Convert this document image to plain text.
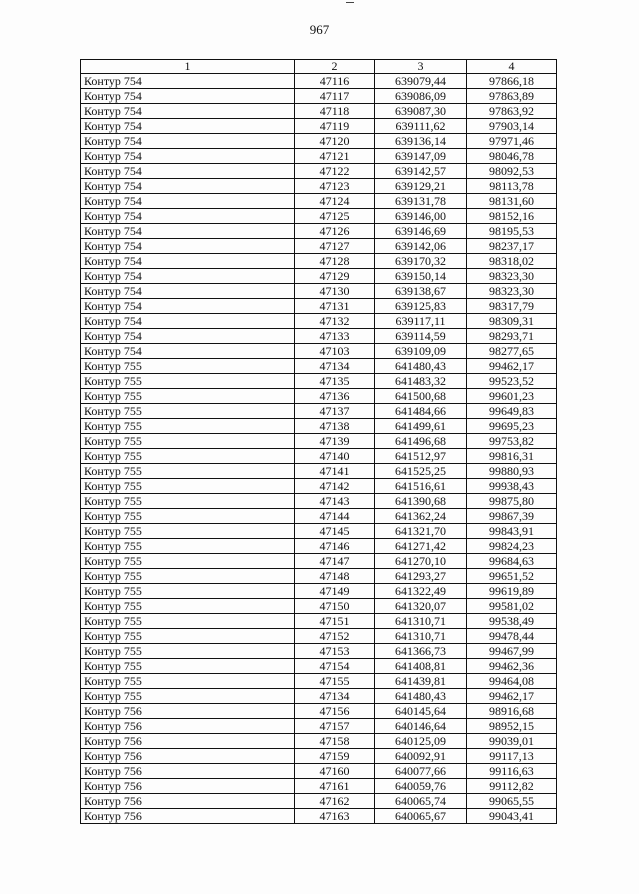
967
1	2	3	4
Контур 754	47116	639079,44	97866,18
Контур 754	47117	639086,09	97863,89
Контур 754	47118	639087,30	97863,92
Контур 754	47119	639111,62	97903,14
Контур 754	47120	639136,14	97971,46
Контур 754	47121	639147,09	98046,78
Контур 754	47122	639142,57	98092,53
Контур 754	47123	639129,21	98113,78
Контур 754	47124	639131,78	98131,60
Контур 754	47125	639146,00	98152,16
Контур 754	47126	639146,69	98195,53
Контур 754	47127	639142,06	98237,17
Контур 754	47128	639170,32	98318,02
Контур 754	47129	639150,14	98323,30
Контур 754	47130	639138,67	98323,30
Контур 754	47131	639125,83	98317,79
Контур 754	47132	639117,11	98309,31
Контур 754	47133	639114,59	98293,71
Контур 754	47103	639109,09	98277,65
Контур 755	47134	641480,43	99462,17
Контур 755	47135	641483,32	99523,52
Контур 755	47136	641500,68	99601,23
Контур 755	47137	641484,66	99649,83
Контур 755	47138	641499,61	99695,23
Контур 755	47139	641496,68	99753,82
Контур 755	47140	641512,97	99816,31
Контур 755	47141	641525,25	99880,93
Контур 755	47142	641516,61	99938,43
Контур 755	47143	641390,68	99875,80
Контур 755	47144	641362,24	99867,39
Контур 755	47145	641321,70	99843,91
Контур 755	47146	641271,42	99824,23
Контур 755	47147	641270,10	99684,63
Контур 755	47148	641293,27	99651,52
Контур 755	47149	641322,49	99619,89
Контур 755	47150	641320,07	99581,02
Контур 755	47151	641310,71	99538,49
Контур 755	47152	641310,71	99478,44
Контур 755	47153	641366,73	99467,99
Контур 755	47154	641408,81	99462,36
Контур 755	47155	641439,81	99464,08
Контур 755	47134	641480,43	99462,17
Контур 756	47156	640145,64	98916,68
Контур 756	47157	640146,64	98952,15
Контур 756	47158	640125,09	99039,01
Контур 756	47159	640092,91	99117,13
Контур 756	47160	640077,66	99116,63
Контур 756	47161	640059,76	99112,82
Контур 756	47162	640065,74	99065,55
Контур 756	47163	640065,67	99043,41
